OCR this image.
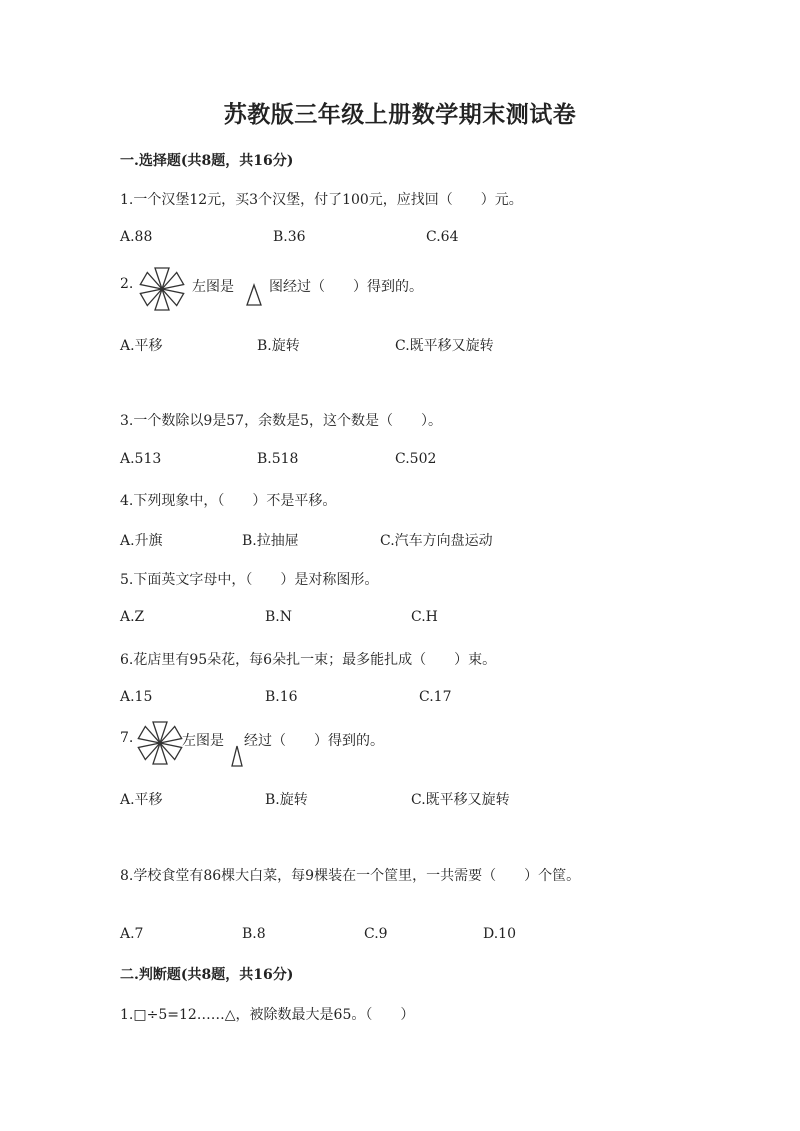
苏教版三年级上册数学期末测试卷
一.选择题(共8题，共16分)
1.一个汉堡12元，买3个汉堡，付了100元，应找回（　　）元。
A.88	B.36	C.64
2.	左图是	图经过（　　）得到的。
A.平移	B.旋转	C.既平移又旋转
3.一个数除以9是57，余数是5，这个数是（　　）。
A.513	B.518	C.502
4.下列现象中，（　　）不是平移。
A.升旗	B.拉抽屉	C.汽车方向盘运动
5.下面英文字母中，（　　）是对称图形。
A.Z	B.N	C.H
6.花店里有95朵花，每6朵扎一束；最多能扎成（　　）束。
A.15	B.16	C.17
7.	左图是 经过（　　）得到的。
A.平移	B.旋转	C.既平移又旋转
8.学校食堂有86棵大白菜，每9棵装在一个筐里，一共需要（　　）个筐。
A.7	B.8	C.9	D.10
二.判断题(共8题，共16分)
1.□÷5=12……△，被除数最大是65。（　　）
